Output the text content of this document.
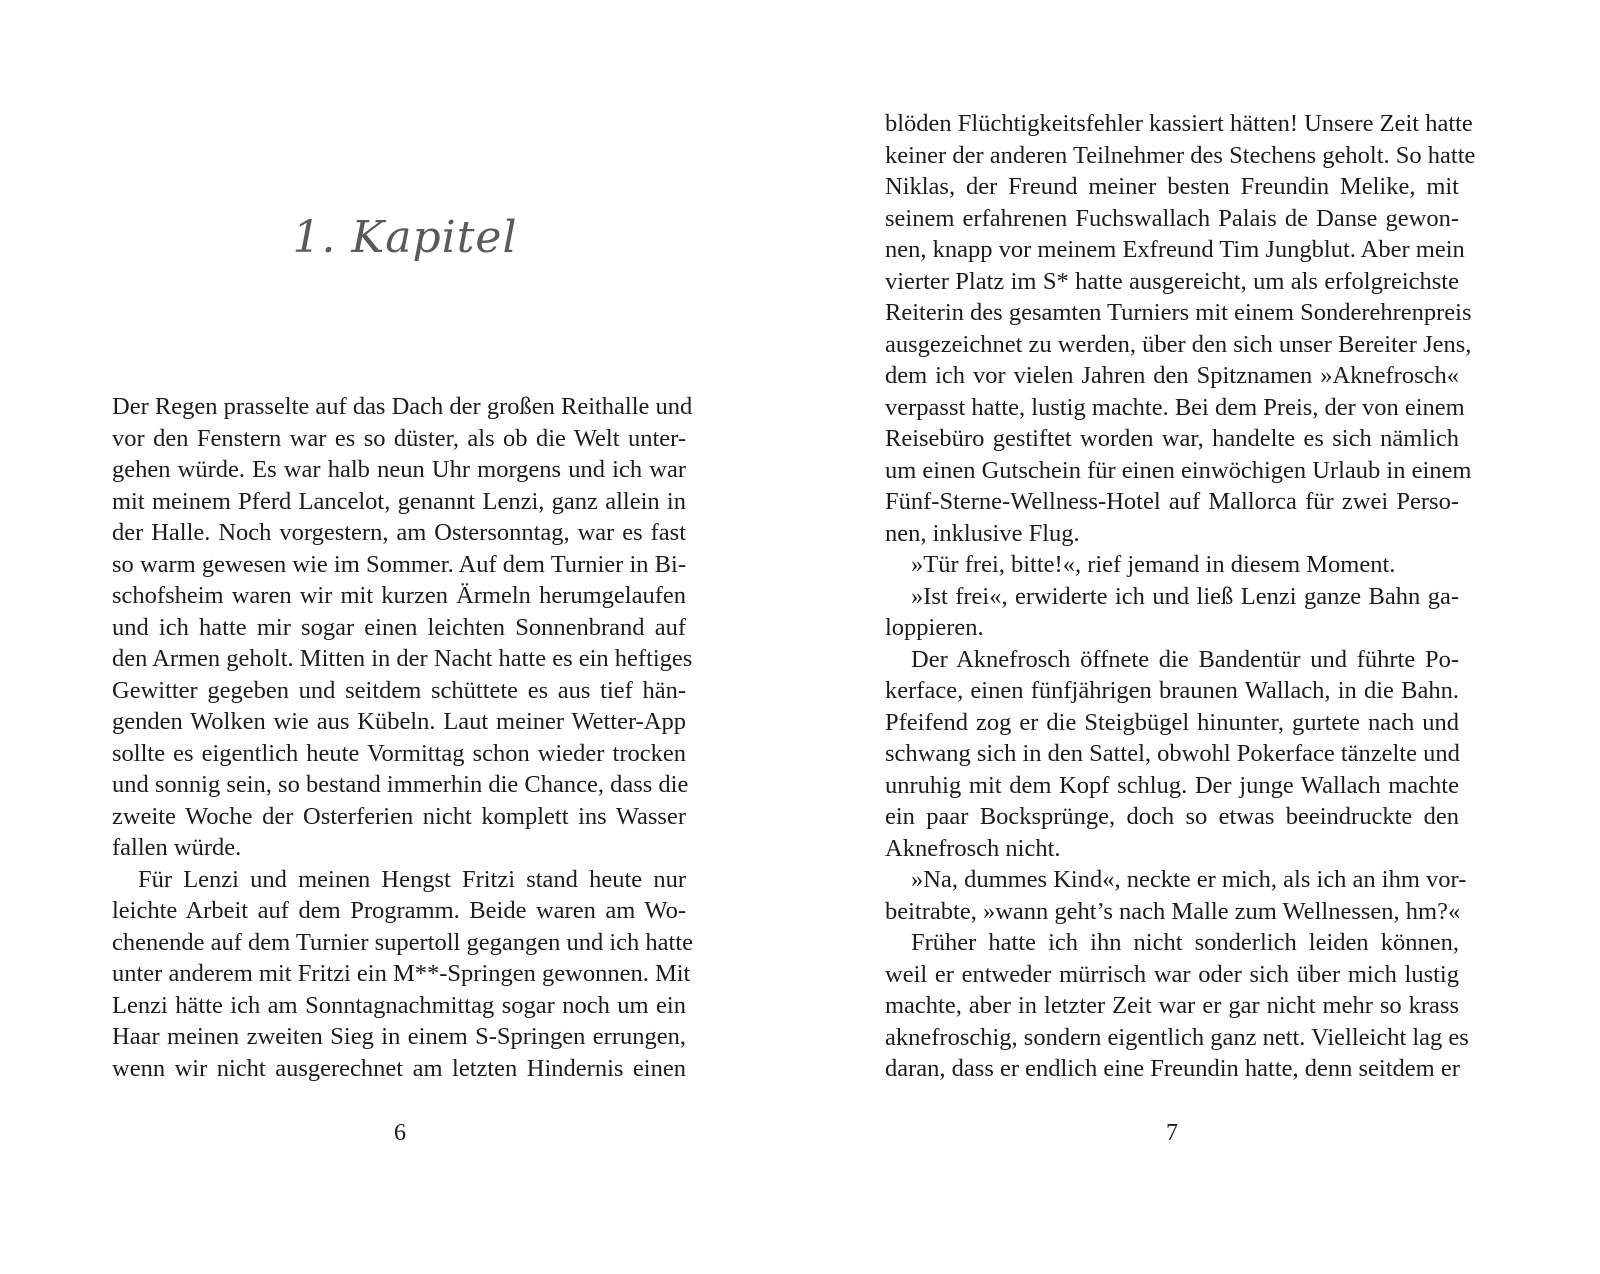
1. Kapitel
Der Regen prasselte auf das Dach der großen Reithalle und
vor den Fenstern war es so düster, als ob die Welt unter-
gehen würde. Es war halb neun Uhr morgens und ich war
mit meinem Pferd Lancelot, genannt Lenzi, ganz allein in
der Halle. Noch vorgestern, am Ostersonntag, war es fast
so warm gewesen wie im Sommer. Auf dem Turnier in Bi-
schofsheim waren wir mit kurzen Ärmeln herumgelaufen
und ich hatte mir sogar einen leichten Sonnenbrand auf
den Armen geholt. Mitten in der Nacht hatte es ein heftiges
Gewitter gegeben und seitdem schüttete es aus tief hän-
genden Wolken wie aus Kübeln. Laut meiner Wetter-App
sollte es eigentlich heute Vormittag schon wieder trocken
und sonnig sein, so bestand immerhin die Chance, dass die
zweite Woche der Osterferien nicht komplett ins Wasser
fallen würde.
Für Lenzi und meinen Hengst Fritzi stand heute nur
leichte Arbeit auf dem Programm. Beide waren am Wo-
chenende auf dem Turnier supertoll gegangen und ich hatte
unter anderem mit Fritzi ein M**-Springen gewonnen. Mit
Lenzi hätte ich am Sonntagnachmittag sogar noch um ein
Haar meinen zweiten Sieg in einem S-Springen errungen,
wenn wir nicht ausgerechnet am letzten Hindernis einen
6
blöden Flüchtigkeitsfehler kassiert hätten! Unsere Zeit hatte
keiner der anderen Teilnehmer des Stechens geholt. So hatte
Niklas, der Freund meiner besten Freundin Melike, mit
seinem erfahrenen Fuchswallach Palais de Danse gewon-
nen, knapp vor meinem Exfreund Tim Jungblut. Aber mein
vierter Platz im S* hatte ausgereicht, um als erfolgreichste
Reiterin des gesamten Turniers mit einem Sonderehrenpreis
ausgezeichnet zu werden, über den sich unser Bereiter Jens,
dem ich vor vielen Jahren den Spitznamen »Aknefrosch«
verpasst hatte, lustig machte. Bei dem Preis, der von einem
Reisebüro gestiftet worden war, handelte es sich nämlich
um einen Gutschein für einen einwöchigen Urlaub in einem
Fünf-Sterne-Wellness-Hotel auf Mallorca für zwei Perso-
nen, inklusive Flug.
»Tür frei, bitte!«, rief jemand in diesem Moment.
»Ist frei«, erwiderte ich und ließ Lenzi ganze Bahn ga-
loppieren.
Der Aknefrosch öffnete die Bandentür und führte Po-
kerface, einen fünfjährigen braunen Wallach, in die Bahn.
Pfeifend zog er die Steigbügel hinunter, gurtete nach und
schwang sich in den Sattel, obwohl Pokerface tänzelte und
unruhig mit dem Kopf schlug. Der junge Wallach machte
ein paar Bocksprünge, doch so etwas beeindruckte den
Aknefrosch nicht.
»Na, dummes Kind«, neckte er mich, als ich an ihm vor-
beitrabte, »wann geht’s nach Malle zum Wellnessen, hm?«
Früher hatte ich ihn nicht sonderlich leiden können,
weil er entweder mürrisch war oder sich über mich lustig
machte, aber in letzter Zeit war er gar nicht mehr so krass
aknefroschig, sondern eigentlich ganz nett. Vielleicht lag es
daran, dass er endlich eine Freundin hatte, denn seitdem er
7
